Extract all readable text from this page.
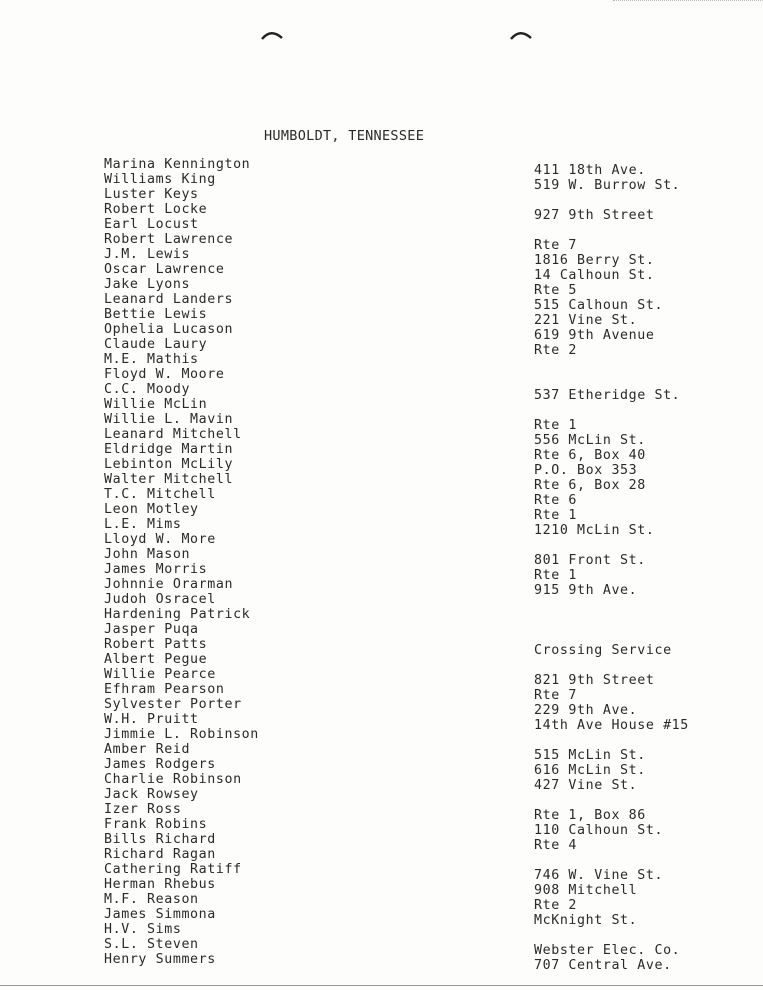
HUMBOLDT, TENNESSEE
Marina Kennington
Williams King
Luster Keys
Robert Locke
Earl Locust
Robert Lawrence
J.M. Lewis
Oscar Lawrence
Jake Lyons
Leanard Landers
Bettie Lewis
Ophelia Lucason
Claude Laury
M.E. Mathis
Floyd W. Moore
C.C. Moody
Willie McLin
Willie L. Mavin
Leanard Mitchell
Eldridge Martin
Lebinton McLily
Walter Mitchell
T.C. Mitchell
Leon Motley
L.E. Mims
Lloyd W. More
John Mason
James Morris
Johnnie Orarman
Judoh Osracel
Hardening Patrick
Jasper Puqa
Robert Patts
Albert Pegue
Willie Pearce
Efhram Pearson
Sylvester Porter
W.H. Pruitt
Jimmie L. Robinson
Amber Reid
James Rodgers
Charlie Robinson
Jack Rowsey
Izer Ross
Frank Robins
Bills Richard
Richard Ragan
Cathering Ratiff
Herman Rhebus
M.F. Reason
James Simmona
H.V. Sims
S.L. Steven
Henry Summers
411 18th Ave.
519 W. Burrow St.
927 9th Street
Rte 7
1816 Berry St.
14 Calhoun St.
Rte 5
515 Calhoun St.
221 Vine St.
619 9th Avenue
Rte 2
537 Etheridge St.
Rte 1
556 McLin St.
Rte 6, Box 40
P.O. Box 353
Rte 6, Box 28
Rte 6
Rte 1
1210 McLin St.
801 Front St.
Rte 1
915 9th Ave.
Crossing Service
821 9th Street
Rte 7
229 9th Ave.
14th Ave House #15
515 McLin St.
616 McLin St.
427 Vine St.
Rte 1, Box 86
110 Calhoun St.
Rte 4
746 W. Vine St.
908 Mitchell
Rte 2
McKnight St.
Webster Elec. Co.
707 Central Ave.
